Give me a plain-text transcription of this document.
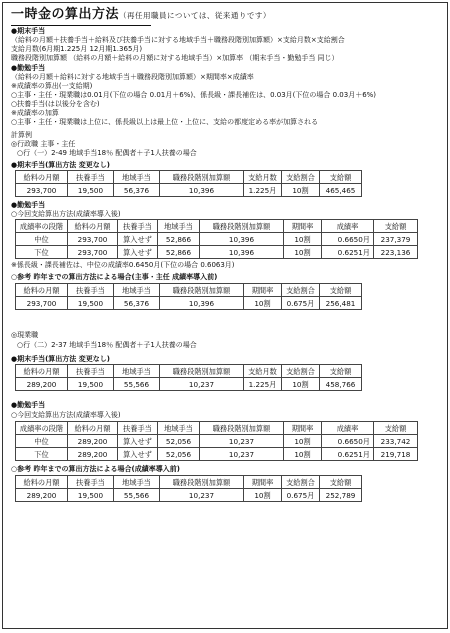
一時金の算出方法（再任用職員については、従来通りです）
●期末手当
（給料の月額＋扶養手当＋給料及び扶養手当に対する地域手当＋職務段階別加算額）×支給月数×支給割合
支給月数(6月期1.225月 12月期1.365月)
職務段階別加算額 （給料の月額＋給料の月額に対する地域手当）×加算率 （期末手当・勤勉手当 同じ）
●勤勉手当
（給料の月額＋給料に対する地域手当＋職務段階別加算額）×期間率×成績率
※成績率の算出(一支給期)
○主事・主任・現業職は0.01月(下位の場合 0.01月＋6%)、係長級・課長補佐は、0.03月(下位の場合 0.03月＋6%)
○扶養手当(は以後分を含む)
※成績率の加算
○主事・主任・現業職は上位に、係長級以上は最上位・上位に、支給の都度定める率が加算される
計算例
◎行政職 主事・主任
○行（一）2-49 地域手当18％ 配偶者＋子1人扶養の場合
●期末手当(算出方法 変更なし)
給料の月額	扶養手当	地域手当	職務段階別加算額	支給月数	支給割合	支給額
293,700	19,500	56,376	10,396	1.225月	10割	465,465
●勤勉手当
○今回支給算出方法(成績率導入後)
成績率の段階	給料の月額	扶養手当	地域手当	職務段階別加算額	期間率	成績率	支給額
中位	293,700	算入せず	52,866	10,396	10割	0.6650月	237,379
下位	293,700	算入せず	52,866	10,396	10割	0.6251月	223,136
※係長級・課長補佐は、中位の成績率0.6450月(下位の場合 0.6063月)
○参考 昨年までの算出方法による場合(主事・主任 成績率導入前)
給料の月額	扶養手当	地域手当	職務段階別加算額	期間率	支給割合	支給額
293,700	19,500	56,376	10,396	10割	0.675月	256,481
◎現業職
○行（二）2-37 地域手当18％ 配偶者＋子1人扶養の場合
●期末手当(算出方法 変更なし)
給料の月額	扶養手当	地域手当	職務段階別加算額	支給月数	支給割合	支給額
289,200	19,500	55,566	10,237	1.225月	10割	458,766
●勤勉手当
○今回支給算出方法(成績率導入後)
成績率の段階	給料の月額	扶養手当	地域手当	職務段階別加算額	期間率	成績率	支給額
中位	289,200	算入せず	52,056	10,237	10割	0.6650月	233,742
下位	289,200	算入せず	52,056	10,237	10割	0.6251月	219,718
○参考 昨年までの算出方法による場合(成績率導入前)
給料の月額	扶養手当	地域手当	職務段階別加算額	期間率	支給割合	支給額
289,200	19,500	55,566	10,237	10割	0.675月	252,789
